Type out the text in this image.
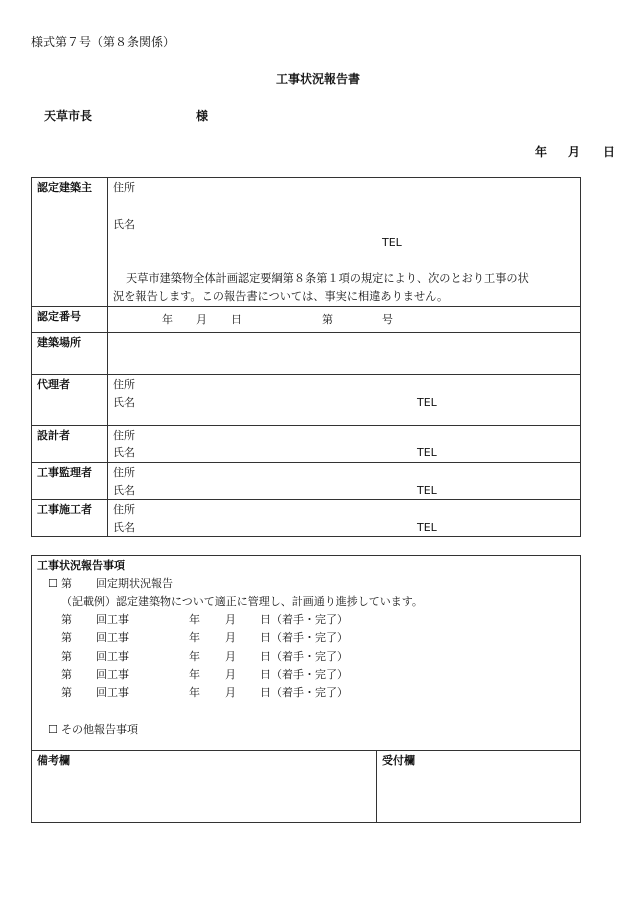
様式第７号（第８条関係）
工事状況報告書
天草市長	様
年 月 日
認定建築主 住所
氏名
TEL
天草市建築物全体計画認定要綱第８条第１項の規定により、次のとおり工事の状
況を報告します。この報告書については、事実に相違ありません。
認定番号	年 月 日	第	号
建築場所
代理者	住所
氏名	TEL
設計者	住所
氏名	TEL
工事監理者 住所
氏名	TEL
工事施工者 住所
氏名	TEL
工事状況報告事項
☐ 第 回定期状況報告
（記載例）認定建築物について適正に管理し、計画通り進捗しています。
第 回工事	年 月 日（着手・完了）
第 回工事	年 月 日（着手・完了）
第 回工事	年 月 日（着手・完了）
第 回工事	年 月 日（着手・完了）
第 回工事	年 月 日（着手・完了）
☐ その他報告事項
備考欄	受付欄
